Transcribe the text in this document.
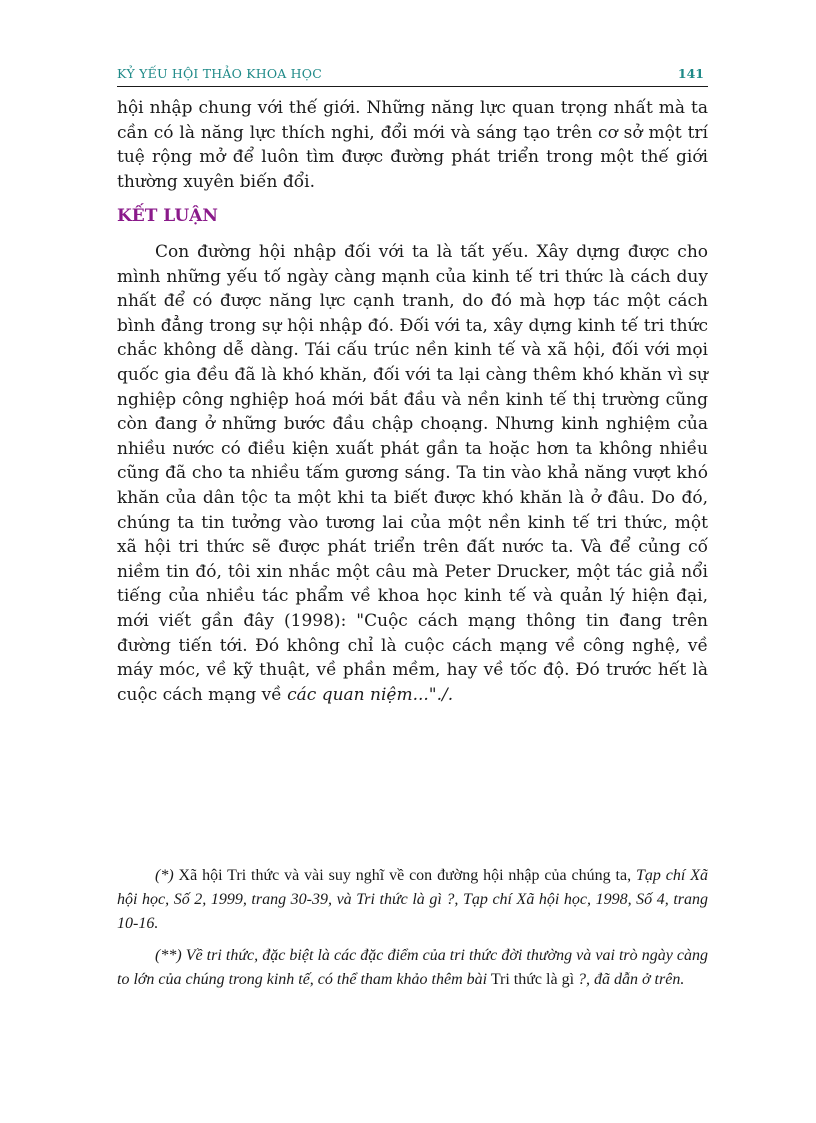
KỶ YẾU HỘI THẢO KHOA HỌC	141

hội nhập chung với thế giới. Những năng lực quan trọng nhất mà ta cần có là năng lực thích nghi, đổi mới và sáng tạo trên cơ sở một trí tuệ rộng mở để luôn tìm được đường phát triển trong một thế giới thường xuyên biến đổi.

KẾT LUẬN

Con đường hội nhập đối với ta là tất yếu. Xây dựng được cho mình những yếu tố ngày càng mạnh của kinh tế tri thức là cách duy nhất để có được năng lực cạnh tranh, do đó mà hợp tác một cách bình đẳng trong sự hội nhập đó. Đối với ta, xây dựng kinh tế tri thức chắc không dễ dàng. Tái cấu trúc nền kinh tế và xã hội, đối với mọi quốc gia đều đã là khó khăn, đối với ta lại càng thêm khó khăn vì sự nghiệp công nghiệp hoá mới bắt đầu và nền kinh tế thị trường cũng còn đang ở những bước đầu chập choạng. Nhưng kinh nghiệm của nhiều nước có điều kiện xuất phát gần ta hoặc hơn ta không nhiều cũng đã cho ta nhiều tấm gương sáng. Ta tin vào khả năng vượt khó khăn của dân tộc ta một khi ta biết được khó khăn là ở đâu. Do đó, chúng ta tin tưởng vào tương lai của một nền kinh tế tri thức, một xã hội tri thức sẽ được phát triển trên đất nước ta. Và để củng cố niềm tin đó, tôi xin nhắc một câu mà Peter Drucker, một tác giả nổi tiếng của nhiều tác phẩm về khoa học kinh tế và quản lý hiện đại, mới viết gần đây (1998): "Cuộc cách mạng thông tin đang trên đường tiến tới. Đó không chỉ là cuộc cách mạng về công nghệ, về máy móc, về kỹ thuật, về phần mềm, hay về tốc độ. Đó trước hết là cuộc cách mạng về các quan niệm..."./.

(*) Xã hội Tri thức và vài suy nghĩ về con đường hội nhập của chúng ta, Tạp chí Xã hội học, Số 2, 1999, trang 30-39, và Tri thức là gì ?, Tạp chí Xã hội học, 1998, Số 4, trang 10-16.

(**) Về tri thức, đặc biệt là các đặc điểm của tri thức đời thường và vai trò ngày càng to lớn của chúng trong kinh tế, có thể tham khảo thêm bài Tri thức là gì ?, đã dẫn ở trên.
